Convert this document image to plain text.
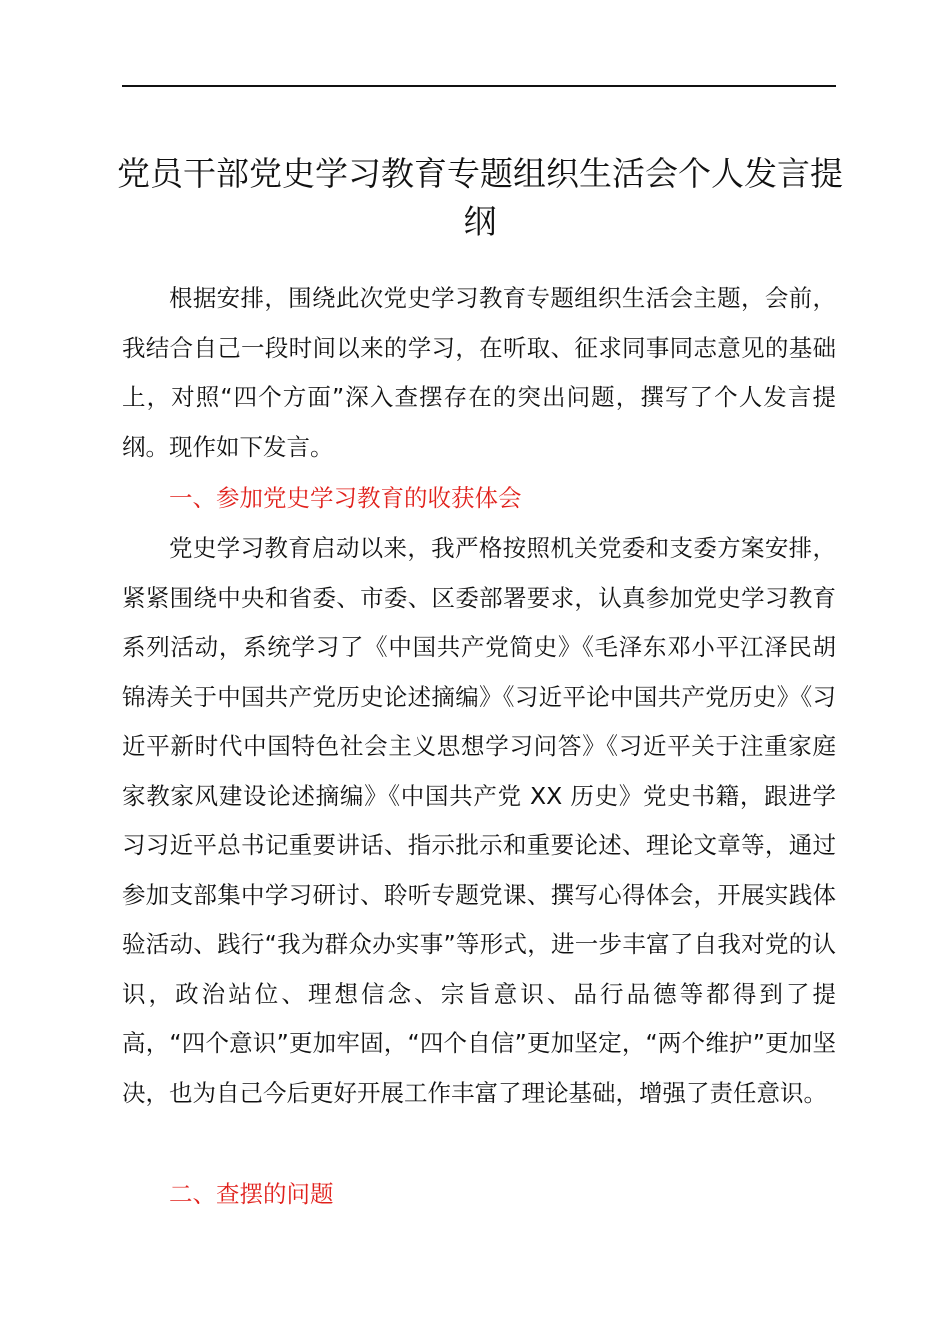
党员干部党史学习教育专题组织生活会个人发言提纲

根据安排，围绕此次党史学习教育专题组织生活会主题，会前，我结合自己一段时间以来的学习，在听取、征求同事同志意见的基础上，对照“四个方面”深入查摆存在的突出问题，撰写了个人发言提纲。现作如下发言。

一、参加党史学习教育的收获体会

党史学习教育启动以来，我严格按照机关党委和支委方案安排，紧紧围绕中央和省委、市委、区委部署要求，认真参加党史学习教育系列活动，系统学习了《中国共产党简史》《毛泽东邓小平江泽民胡锦涛关于中国共产党历史论述摘编》《习近平论中国共产党历史》《习近平新时代中国特色社会主义思想学习问答》《习近平关于注重家庭家教家风建设论述摘编》《中国共产党 XX 历史》党史书籍，跟进学习习近平总书记重要讲话、指示批示和重要论述、理论文章等，通过参加支部集中学习研讨、聆听专题党课、撰写心得体会，开展实践体验活动、践行“我为群众办实事”等形式，进一步丰富了自我对党的认识，政治站位、理想信念、宗旨意识、品行品德等都得到了提高，“四个意识”更加牢固，“四个自信”更加坚定，“两个维护”更加坚决，也为自己今后更好开展工作丰富了理论基础，增强了责任意识。

二、查摆的问题
